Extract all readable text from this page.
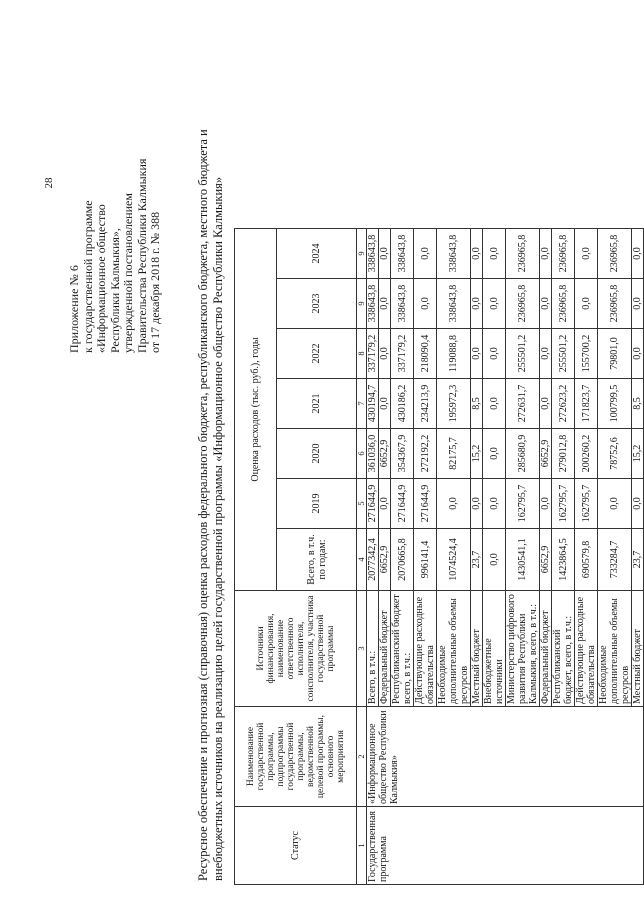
28
Приложение № 6 к государственной программе «Информационное общество Республики Калмыкия», утвержденной постановлением Правительства Республики Калмыкия от 17 декабря 2018 г. № 388	Ресурсное обеспечение и прогнозная (справочная) оценка расходов федерального бюджета, республиканского бюджета, местного бюджета и внебюджетных источников на реализацию целей государственной программы «Информационное общество Республики Калмыкия»	Статус	Наименование государственной программы, подпрограммы государственной программы, ведомственной целевой программы, основного мероприятия	Источники финансирования, наименование ответственного исполнителя, соисполнителя, участника государственной программы	Оценка расходов (тыс. руб.), годы						
			Всего, в т.ч. по годам:	2019	2020	2021	2022	2023	2024
1	2	3	4	5	6	7	8	9	9
Государственная программа	«Информационное общество Республики Калмыкия»	Всего, в т.ч.:	2077342,4	271644,9	361036,0	430194,7	337179,2	338643,8	338643,8
		Федеральный бюджет	6652,9	0,0	6652,9	0,0	0,0	0,0	0,0
		Республиканский бюджет всего, в т.ч.:	2070665,8	271644,9	354367,9	430186,2	337179,2	338643,8	338643,8
		Действующие расходные обязательства	996141,4	271644,9	272192,2	234213,9	218090,4	0,0	0,0
		Необходимые дополнительные объемы ресурсов	1074524,4	0,0	82175,7	195972,3	119088,8	338643,8	338643,8
		Местный бюджет	23,7	0,0	15,2	8,5	0,0	0,0	0,0
		Внебюджетные источники	0,0	0,0	0,0	0,0	0,0	0,0	0,0
		Министерство цифрового развития Республики Калмыкия, всего, в т.ч.:	1430541,1	162795,7	285680,9	272631,7	255501,2	236965,8	236965,8
		Федеральный бюджет	6652,9	0,0	6652,9	0,0	0,0	0,0	0,0
		Республиканский бюджет, всего, в т.ч.:	1423864,5	162795,7	279012,8	272623,2	255501,2	236965,8	236965,8
		Действующие расходные обязательства	690579,8	162795,7	200260,2	171823,7	155700,2	0,0	0,0
		Необходимые дополнительные объемы ресурсов	733284,7	0,0	78752,6	100799,5	79801,0	236965,8	236965,8
		Местный бюджет	23,7	0,0	15,2	8,5	0,0	0,0	0,0
